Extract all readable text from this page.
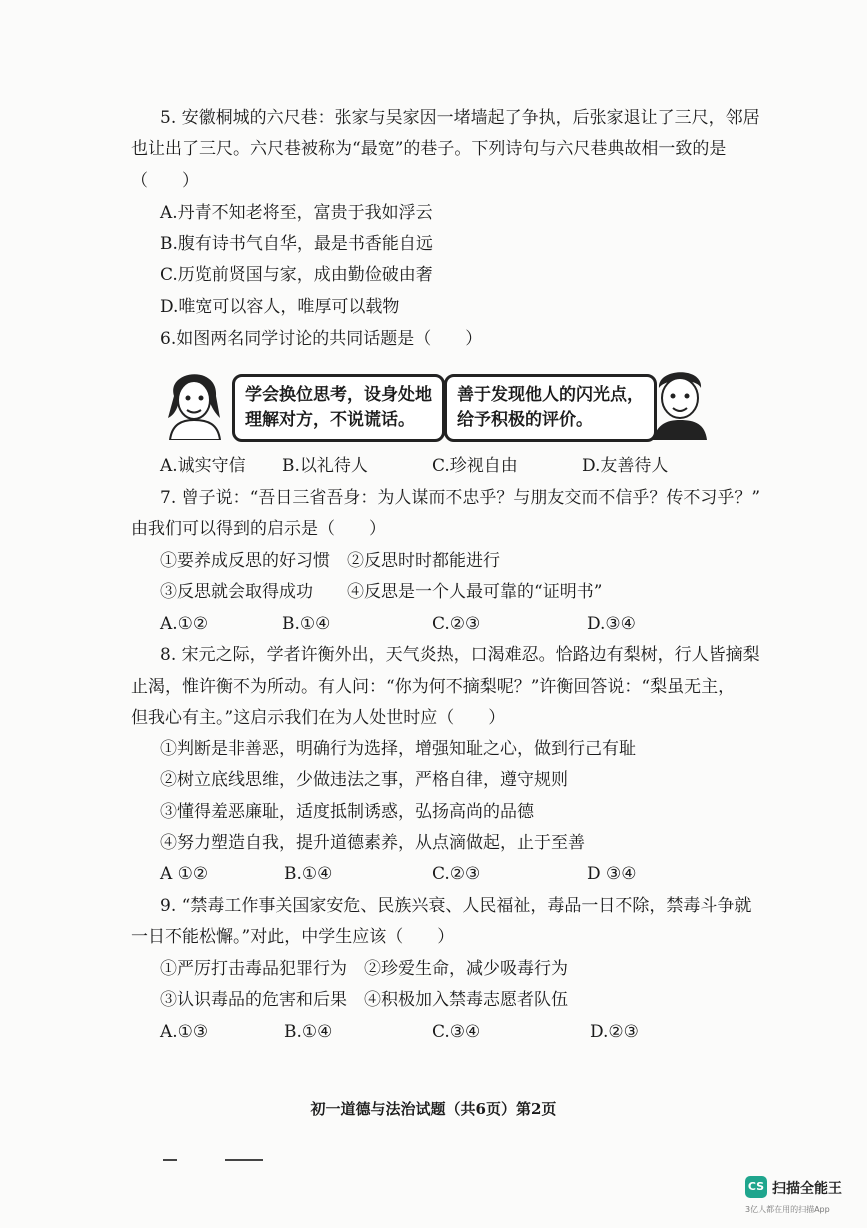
5. 安徽桐城的六尺巷：张家与吴家因一堵墙起了争执，后张家退让了三尺，邻居
也让出了三尺。六尺巷被称为“最宽”的巷子。下列诗句与六尺巷典故相一致的是
（　　）
A.丹青不知老将至，富贵于我如浮云
B.腹有诗书气自华，最是书香能自远
C.历览前贤国与家，成由勤俭破由奢
D.唯宽可以容人，唯厚可以载物
6.如图两名同学讨论的共同话题是（　　）
学会换位思考，设身处地
理解对方，不说谎话。
善于发现他人的闪光点，
给予积极的评价。
A.诚实守信 B.以礼待人	C.珍视自由	D.友善待人
7. 曾子说：“吾日三省吾身：为人谋而不忠乎？与朋友交而不信乎？传不习乎？”
由我们可以得到的启示是（　　）
①要养成反思的好习惯　②反思时时都能进行
③反思就会取得成功　　④反思是一个人最可靠的“证明书”
A.①②	B.①④	C.②③	D.③④
8. 宋元之际，学者许衡外出，天气炎热，口渴难忍。恰路边有梨树，行人皆摘梨
止渴，惟许衡不为所动。有人问：“你为何不摘梨呢？”许衡回答说：“梨虽无主，
但我心有主。”这启示我们在为人处世时应（　　）
①判断是非善恶，明确行为选择，增强知耻之心，做到行己有耻
②树立底线思维，少做违法之事，严格自律，遵守规则
③懂得羞恶廉耻，适度抵制诱惑，弘扬高尚的品德
④努力塑造自我，提升道德素养，从点滴做起，止于至善
A ①②	B.①④	C.②③	D ③④
9. “禁毒工作事关国家安危、民族兴衰、人民福祉，毒品一日不除，禁毒斗争就
一日不能松懈。”对此，中学生应该（　　）
①严厉打击毒品犯罪行为　②珍爱生命，减少吸毒行为
③认识毒品的危害和后果　④积极加入禁毒志愿者队伍
A.①③	B.①④	C.③④	D.②③
初一道德与法治试题（共6页）第2页
CS 扫描全能王
3亿人都在用的扫描App
